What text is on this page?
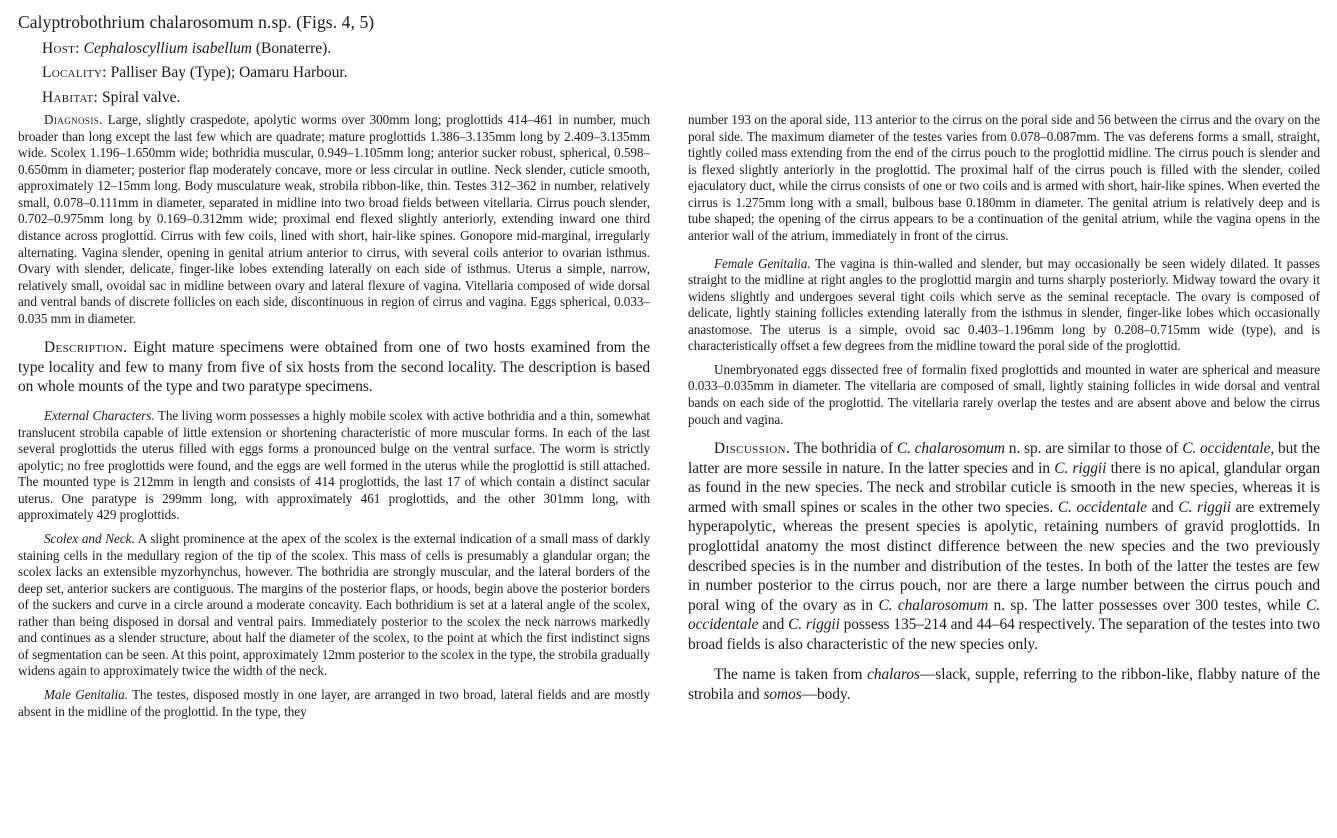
Calyptrobothrium chalarosomum n.sp. (Figs. 4, 5)
Host: Cephaloscyllium isabellum (Bonaterre).
Locality: Palliser Bay (Type); Oamaru Harbour.
Habitat: Spiral valve.

Diagnosis. Large, slightly craspedote, apolytic worms over 300mm long; proglottids 414–461 in number, much broader than long except the last few which are quadrate; mature proglottids 1.386–3.135mm long by 2.409–3.135mm wide. Scolex 1.196–1.650mm wide; bothridia muscular, 0.949–1.105mm long; anterior sucker robust, spherical, 0.598–0.650mm in diameter; posterior flap moderately concave, more or less circular in outline. Neck slender, cuticle smooth, approximately 12–15mm long. Body musculature weak, strobila ribbon-like, thin. Testes 312–362 in number, relatively small, 0.078–0.111mm in diameter, separated in midline into two broad fields between vitellaria. Cirrus pouch slender, 0.702–0.975mm long by 0.169–0.312mm wide; proximal end flexed slightly anteriorly, extending inward one third distance across proglottid. Cirrus with few coils, lined with short, hair-like spines. Gonopore mid-marginal, irregularly alternating. Vagina slender, opening in genital atrium anterior to cirrus, with several coils anterior to ovarian isthmus. Ovary with slender, delicate, finger-like lobes extending laterally on each side of isthmus. Uterus a simple, narrow, relatively small, ovoidal sac in midline between ovary and lateral flexure of vagina. Vitellaria composed of wide dorsal and ventral bands of discrete follicles on each side, discontinuous in region of cirrus and vagina. Eggs spherical, 0.033–0.035 mm in diameter.

Description. Eight mature specimens were obtained from one of two hosts examined from the type locality and few to many from five of six hosts from the second locality. The description is based on whole mounts of the type and two paratype specimens.

External Characters. The living worm possesses a highly mobile scolex with active bothridia and a thin, somewhat translucent strobila capable of little extension or shortening characteristic of more muscular forms. In each of the last several proglottids the uterus filled with eggs forms a pronounced bulge on the ventral surface. The worm is strictly apolytic; no free proglottids were found, and the eggs are well formed in the uterus while the proglottid is still attached. The mounted type is 212mm in length and consists of 414 proglottids, the last 17 of which contain a distinct sacular uterus. One paratype is 299mm long, with approximately 461 proglottids, and the other 301mm long, with approximately 429 proglottids.

Scolex and Neck. A slight prominence at the apex of the scolex is the external indication of a small mass of darkly staining cells in the medullary region of the tip of the scolex. This mass of cells is presumably a glandular organ; the scolex lacks an extensible myzorhynchus, however. The bothridia are strongly muscular, and the lateral borders of the deep set, anterior suckers are contiguous. The margins of the posterior flaps, or hoods, begin above the posterior borders of the suckers and curve in a circle around a moderate concavity. Each bothridium is set at a lateral angle of the scolex, rather than being disposed in dorsal and ventral pairs. Immediately posterior to the scolex the neck narrows markedly and continues as a slender structure, about half the diameter of the scolex, to the point at which the first indistinct signs of segmentation can be seen. At this point, approximately 12mm posterior to the scolex in the type, the strobila gradually widens again to approximately twice the width of the neck.

Male Genitalia. The testes, disposed mostly in one layer, are arranged in two broad, lateral fields and are mostly absent in the midline of the proglottid. In the type, they

number 193 on the aporal side, 113 anterior to the cirrus on the poral side and 56 between the cirrus and the ovary on the poral side. The maximum diameter of the testes varies from 0.078–0.087mm. The vas deferens forms a small, straight, tightly coiled mass extending from the end of the cirrus pouch to the proglottid midline. The cirrus pouch is slender and is flexed slightly anteriorly in the proglottid. The proximal half of the cirrus pouch is filled with the slender, coiled ejaculatory duct, while the cirrus consists of one or two coils and is armed with short, hair-like spines. When everted the cirrus is 1.275mm long with a small, bulbous base 0.180mm in diameter. The genital atrium is relatively deep and is tube shaped; the opening of the cirrus appears to be a continuation of the genital atrium, while the vagina opens in the anterior wall of the atrium, immediately in front of the cirrus.

Female Genitalia. The vagina is thin-walled and slender, but may occasionally be seen widely dilated. It passes straight to the midline at right angles to the proglottid margin and turns sharply posteriorly. Midway toward the ovary it widens slightly and undergoes several tight coils which serve as the seminal receptacle. The ovary is composed of delicate, lightly staining follicles extending laterally from the isthmus in slender, finger-like lobes which occasionally anastomose. The uterus is a simple, ovoid sac 0.403–1.196mm long by 0.208–0.715mm wide (type), and is characteristically offset a few degrees from the midline toward the poral side of the proglottid.

Unembryonated eggs dissected free of formalin fixed proglottids and mounted in water are spherical and measure 0.033–0.035mm in diameter. The vitellaria are composed of small, lightly staining follicles in wide dorsal and ventral bands on each side of the proglottid. The vitellaria rarely overlap the testes and are absent above and below the cirrus pouch and vagina.

Discussion. The bothridia of C. chalarosomum n. sp. are similar to those of C. occidentale, but the latter are more sessile in nature. In the latter species and in C. riggii there is no apical, glandular organ as found in the new species. The neck and strobilar cuticle is smooth in the new species, whereas it is armed with small spines or scales in the other two species. C. occidentale and C. riggii are extremely hyperapolytic, whereas the present species is apolytic, retaining numbers of gravid proglottids. In proglottidal anatomy the most distinct difference between the new species and the two previously described species is in the number and distribution of the testes. In both of the latter the testes are few in number posterior to the cirrus pouch, nor are there a large number between the cirrus pouch and poral wing of the ovary as in C. chalarosomum n. sp. The latter possesses over 300 testes, while C. occidentale and C. riggii possess 135–214 and 44–64 respectively. The separation of the testes into two broad fields is also characteristic of the new species only.

The name is taken from chalaros—slack, supple, referring to the ribbon-like, flabby nature of the strobila and somos—body.
